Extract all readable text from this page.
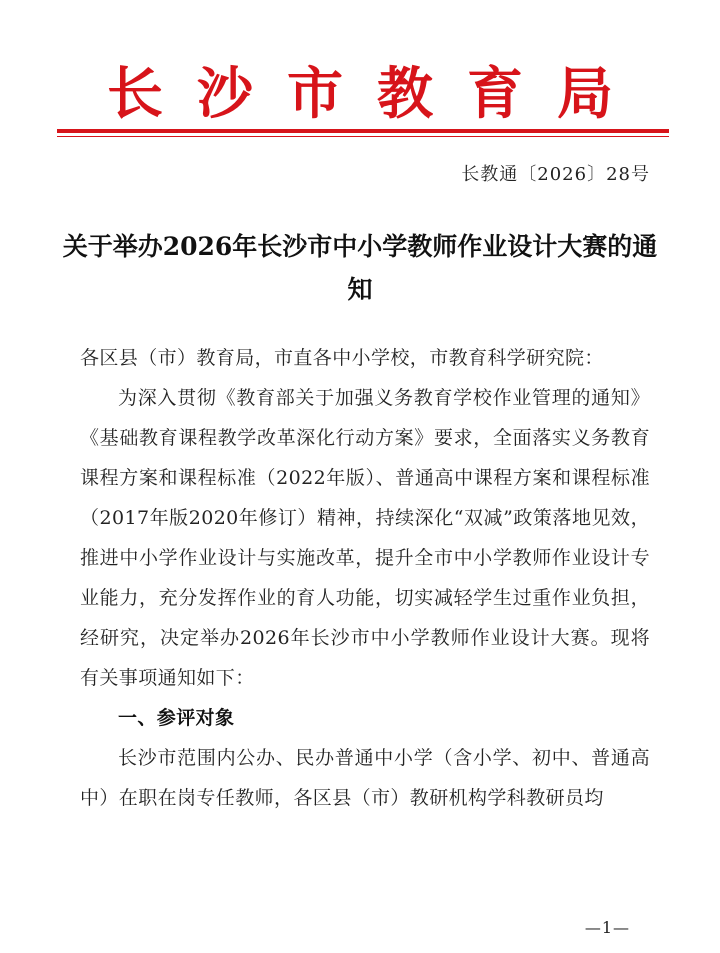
长沙市教育局
长教通〔2026〕28号
关于举办2026年长沙市中小学教师作业设计大赛的通知

各区县（市）教育局，市直各中小学校，市教育科学研究院：

为深入贯彻《教育部关于加强义务教育学校作业管理的通知》《基础教育课程教学改革深化行动方案》要求，全面落实义务教育课程方案和课程标准（2022年版）、普通高中课程方案和课程标准（2017年版2020年修订）精神，持续深化“双减”政策落地见效，推进中小学作业设计与实施改革，提升全市中小学教师作业设计专业能力，充分发挥作业的育人功能，切实减轻学生过重作业负担，经研究，决定举办2026年长沙市中小学教师作业设计大赛。现将有关事项通知如下：

一、参评对象

长沙市范围内公办、民办普通中小学（含小学、初中、普通高中）在职在岗专任教师，各区县（市）教研机构学科教研员均

—1—
